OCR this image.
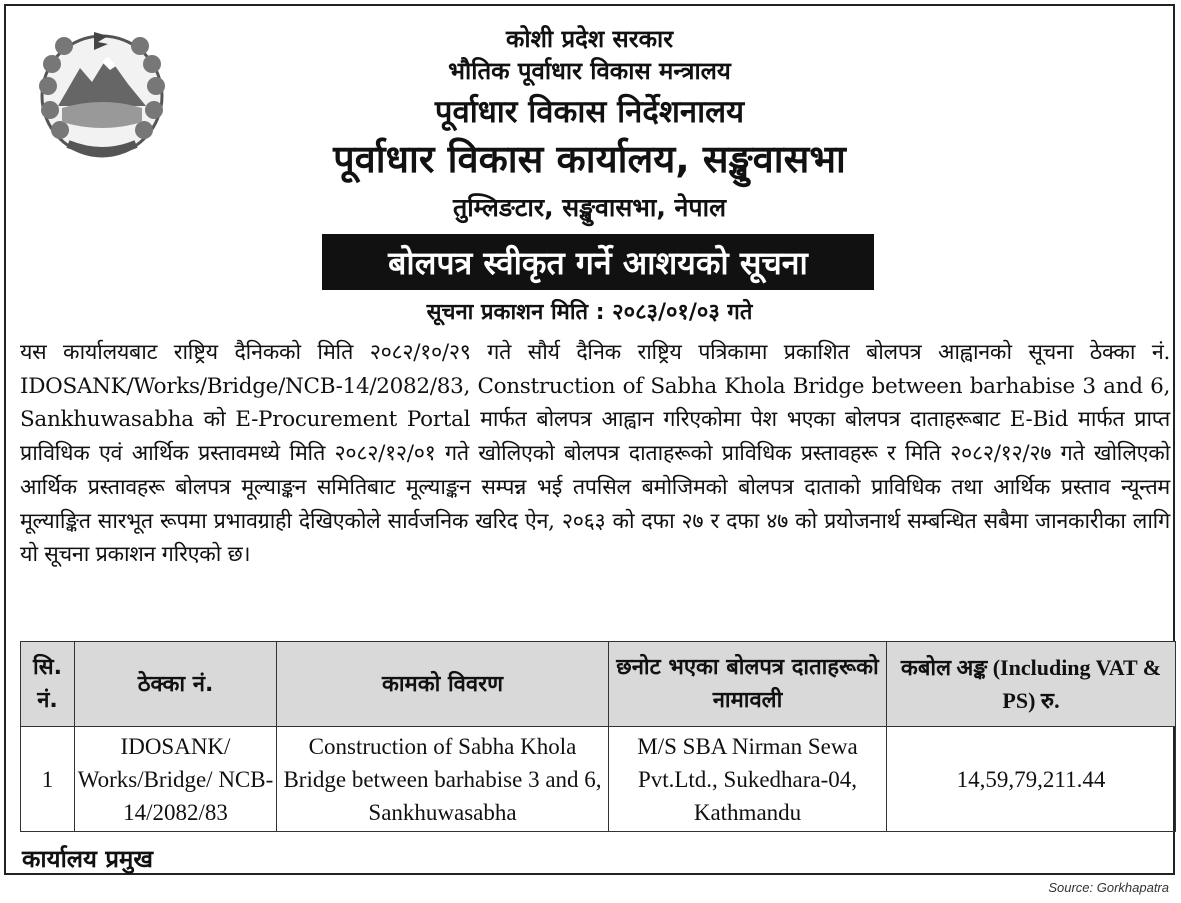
कोशी प्रदेश सरकार
भौतिक पूर्वाधार विकास मन्त्रालय
पूर्वाधार विकास निर्देशनालय
पूर्वाधार विकास कार्यालय, सङ्खुवासभा
तुम्लिङटार, सङ्खुवासभा, नेपाल
बोलपत्र स्वीकृत गर्ने आशयको सूचना
सूचना प्रकाशन मिति : २०८३/०१/०३ गते
यस कार्यालयबाट राष्ट्रिय दैनिकको मिति २०८२/१०/२९ गते सौर्य दैनिक राष्ट्रिय पत्रिकामा प्रकाशित बोलपत्र आह्वानको सूचना ठेक्का नं. IDOSANK/Works/Bridge/NCB-14/2082/83, Construction of Sabha Khola Bridge between barhabise 3 and 6, Sankhuwasabha को E-Procurement Portal मार्फत बोलपत्र आह्वान गरिएकोमा पेश भएका बोलपत्र दाताहरूबाट E-Bid मार्फत प्राप्त प्राविधिक एवं आर्थिक प्रस्तावमध्ये मिति २०८२/१२/०१ गते खोलिएको बोलपत्र दाताहरूको प्राविधिक प्रस्तावहरू र मिति २०८२/१२/२७ गते खोलिएको आर्थिक प्रस्तावहरू बोलपत्र मूल्याङ्कन समितिबाट मूल्याङ्कन सम्पन्न भई तपसिल बमोजिमको बोलपत्र दाताको प्राविधिक तथा आर्थिक प्रस्ताव न्यून्तम मूल्याङ्कित सारभूत रूपमा प्रभावग्राही देखिएकोले सार्वजनिक खरिद ऐन, २०६३ को दफा २७ र दफा ४७ को प्रयोजनार्थ सम्बन्धित सबैमा जानकारीका लागि यो सूचना प्रकाशन गरिएको छ।
सि. नं.	ठेक्का नं.	कामको विवरण	छनोट भएका बोलपत्र दाताहरूको नामावली	कबोल अङ्क (Including VAT & PS) रु.
1	IDOSANK/ Works/Bridge/ NCB-14/2082/83	Construction of Sabha Khola Bridge between barhabise 3 and 6, Sankhuwasabha	M/S SBA Nirman Sewa Pvt.Ltd., Sukedhara-04, Kathmandu	14,59,79,211.44
कार्यालय प्रमुख
Source: Gorkhapatra
